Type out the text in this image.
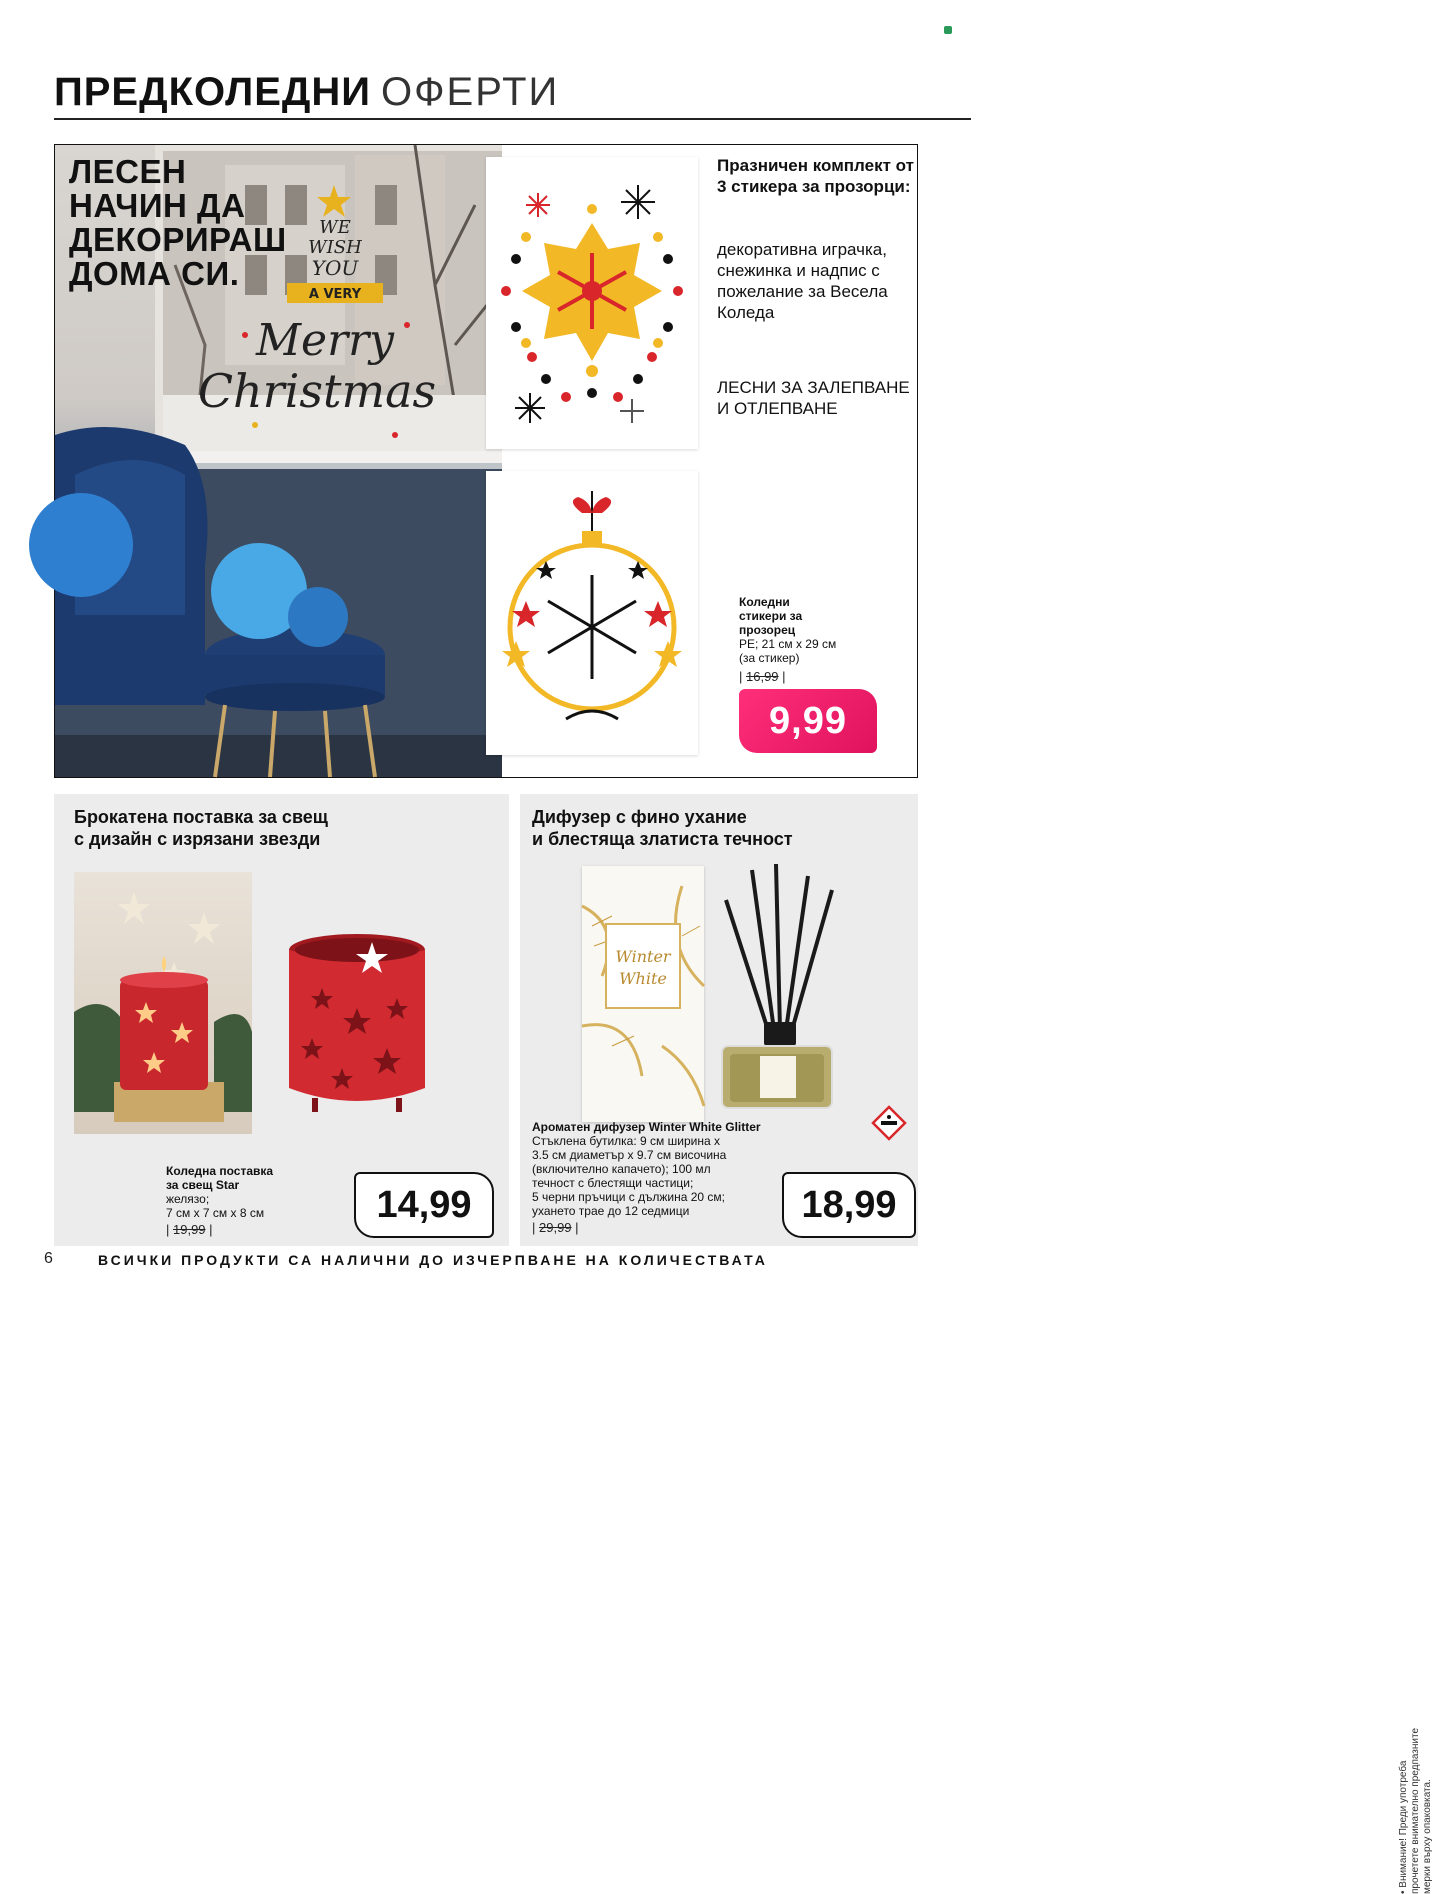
ПРЕДКОЛЕДНИ ОФЕРТИ
WE
WISH
YOU
A VERY
Merry
Christmas
ЛЕСЕН
НАЧИН ДА
ДЕКОРИРАШ
ДОМА СИ.
Празничен комплект от 3 стикера за прозорци:
декоративна играчка, снежинка и надпис с пожелание за Весела Коледа
ЛЕСНИ ЗА ЗАЛЕПВАНЕ И ОТЛЕПВАНЕ
Коледни
стикери за
прозорец
PE; 21 см х 29 см
(за стикер)
| 16,99 |
9,99
Брокатена поставка за свещ
с дизайн с изрязани звезди
Коледна поставка
за свещ Star
желязо;
7 см х 7 см х 8 см
| 19,99 |
14,99
Дифузер с фино ухание
и блестяща златиста течност
Winter
White
• Внимание! Преди употреба прочетете внимателно предпазните мерки върху опаковката.
Ароматен дифузер Winter White Glitter
Стъклена бутилка: 9 см ширина х
3.5 см диаметър х 9.7 см височина
(включително капачето); 100 мл
течност с блестящи частици;
5 черни пръчици с дължина 20 см;
ухането трае до 12 седмици
| 29,99 |
18,99
6	ВСИЧКИ ПРОДУКТИ СА НАЛИЧНИ ДО ИЗЧЕРПВАНЕ НА КОЛИЧЕСТВАТА
